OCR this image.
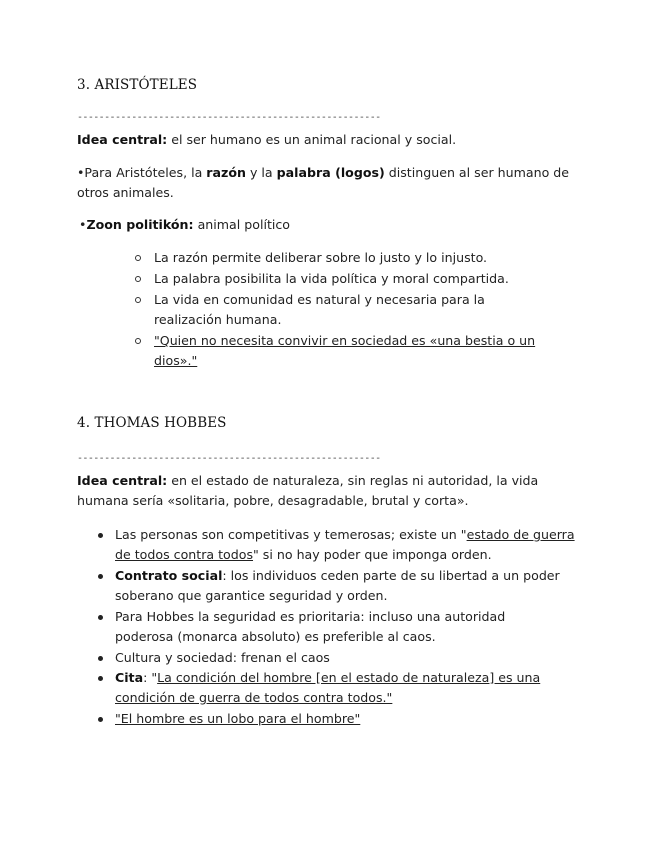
3. ARISTÓTELES
--------------------------------------------------------
Idea central: el ser humano es un animal racional y social.
•Para Aristóteles, la razón y la palabra (logos) distinguen al ser humano de otros animales.
•Zoon politikón: animal político
La razón permite deliberar sobre lo justo y lo injusto.
La palabra posibilita la vida política y moral compartida.
La vida en comunidad es natural y necesaria para la realización humana.
"Quien no necesita convivir en sociedad es «una bestia o un dios»."
4. THOMAS HOBBES
--------------------------------------------------------
Idea central: en el estado de naturaleza, sin reglas ni autoridad, la vida humana sería «solitaria, pobre, desagradable, brutal y corta».
Las personas son competitivas y temerosas; existe un "estado de guerra de todos contra todos" si no hay poder que imponga orden.
Contrato social: los individuos ceden parte de su libertad a un poder soberano que garantice seguridad y orden.
Para Hobbes la seguridad es prioritaria: incluso una autoridad poderosa (monarca absoluto) es preferible al caos.
Cultura y sociedad: frenan el caos
Cita: "La condición del hombre [en el estado de naturaleza] es una condición de guerra de todos contra todos."
"El hombre es un lobo para el hombre"
